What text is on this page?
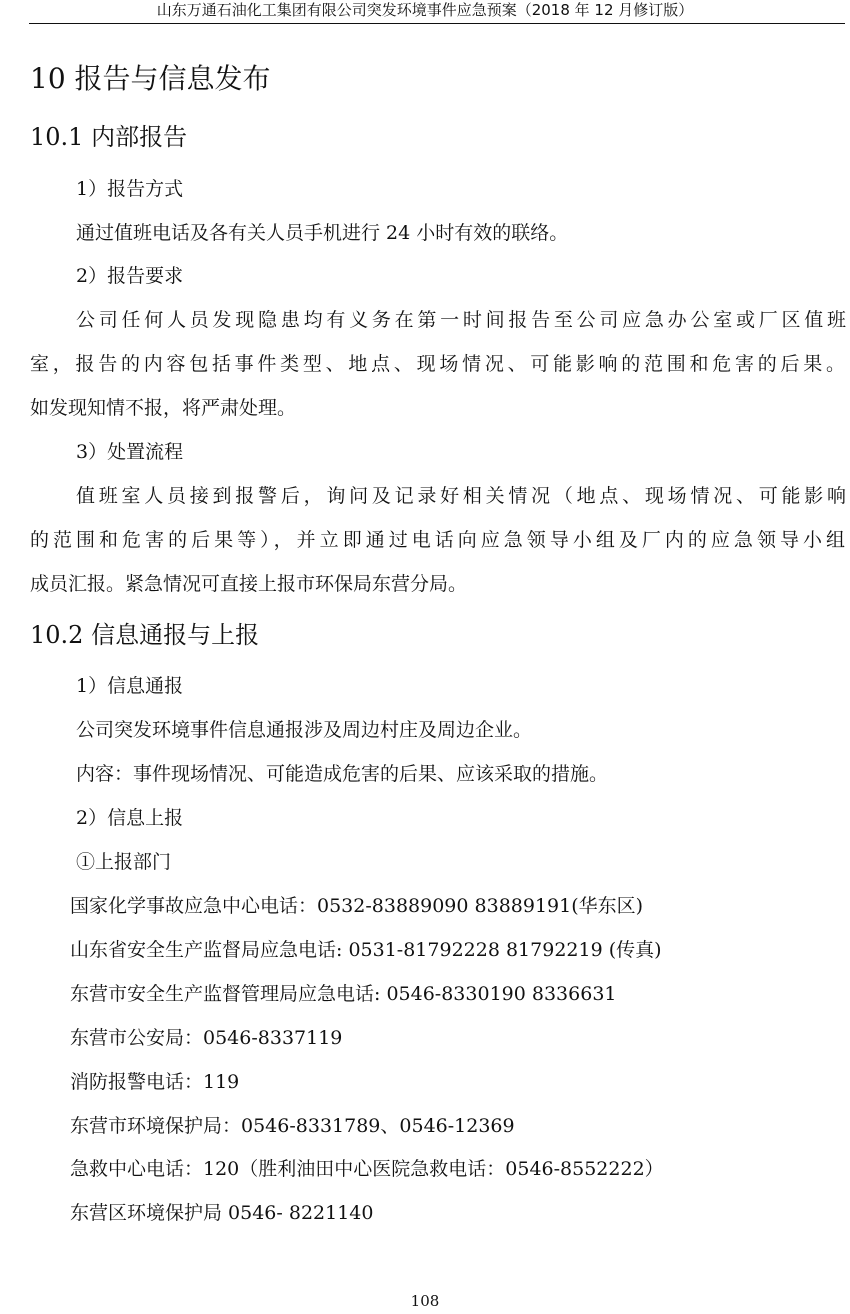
山东万通石油化工集团有限公司突发环境事件应急预案（2018 年 12 月修订版）
10 报告与信息发布
10.1 内部报告
1）报告方式
通过值班电话及各有关人员手机进行 24 小时有效的联络。
2）报告要求
公司任何人员发现隐患均有义务在第一时间报告至公司应急办公室或厂区值班
室，报告的内容包括事件类型、地点、现场情况、可能影响的范围和危害的后果。
如发现知情不报，将严肃处理。
3）处置流程
值班室人员接到报警后，询问及记录好相关情况（地点、现场情况、可能影响
的范围和危害的后果等），并立即通过电话向应急领导小组及厂内的应急领导小组
成员汇报。紧急情况可直接上报市环保局东营分局。
10.2 信息通报与上报
1）信息通报
公司突发环境事件信息通报涉及周边村庄及周边企业。
内容：事件现场情况、可能造成危害的后果、应该采取的措施。
2）信息上报
①上报部门
国家化学事故应急中心电话：0532-83889090 83889191(华东区)
山东省安全生产监督局应急电话: 0531-81792228 81792219 (传真)
东营市安全生产监督管理局应急电话: 0546-8330190 8336631
东营市公安局：0546-8337119
消防报警电话：119
东营市环境保护局：0546-8331789、0546-12369
急救中心电话：120（胜利油田中心医院急救电话：0546-8552222）
东营区环境保护局 0546- 8221140
108
